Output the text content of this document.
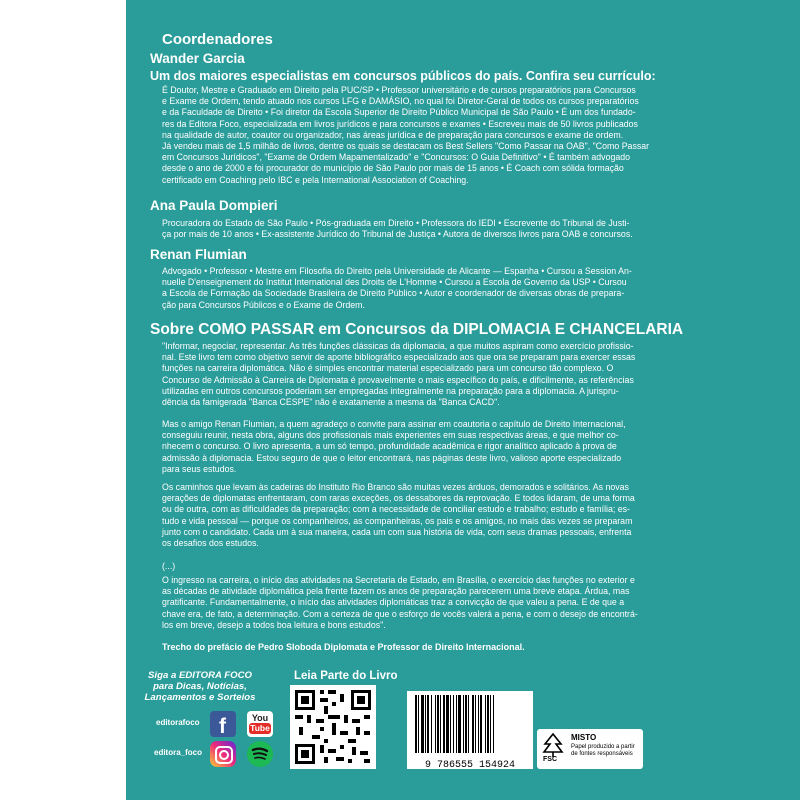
Coordenadores
Wander Garcia
Um dos maiores especialistas em concursos públicos do país. Confira seu currículo:

É Doutor, Mestre e Graduado em Direito pela PUC/SP • Professor universitário e de cursos preparatórios para Concursos

e Exame de Ordem, tendo atuado nos cursos LFG e DAMÁSIO, no qual foi Diretor-Geral de todos os cursos preparatórios

e da Faculdade de Direito • Foi diretor da Escola Superior de Direito Público Municipal de São Paulo • É um dos fundado-

res da Editora Foco, especializada em livros jurídicos e para concursos e exames • Escreveu mais de 50 livros publicados

na qualidade de autor, coautor ou organizador, nas áreas jurídica e de preparação para concursos e exame de ordem.

Já vendeu mais de 1,5 milhão de livros, dentre os quais se destacam os Best Sellers "Como Passar na OAB", "Como Passar

em Concursos Jurídicos", "Exame de Ordem Mapamentalizado" e "Concursos: O Guia Definitivo" • É também advogado

desde o ano de 2000 e foi procurador do município de São Paulo por mais de 15 anos • É Coach com sólida formação

certificado em Coaching pelo IBC e pela International Association of Coaching.

Ana Paula Dompieri

Procuradora do Estado de São Paulo • Pós-graduada em Direito • Professora do IEDI • Escrevente do Tribunal de Justi-

ça por mais de 10 anos • Ex-assistente Jurídico do Tribunal de Justiça • Autora de diversos livros para OAB e concursos.

Renan Flumian

Advogado • Professor • Mestre em Filosofia do Direito pela Universidade de Alicante — Espanha • Cursou a Session An-

nuelle D'enseignement do Institut International des Droits de L'Homme • Cursou a Escola de Governo da USP • Cursou

a Escola de Formação da Sociedade Brasileira de Direito Público • Autor e coordenador de diversas obras de prepara-

ção para Concursos Públicos e o Exame de Ordem.

Sobre COMO PASSAR em Concursos da DIPLOMACIA E CHANCELARIA

"Informar, negociar, representar. As três funções clássicas da diplomacia, a que muitos aspiram como exercício profissio-

nal. Este livro tem como objetivo servir de aporte bibliográfico especializado aos que ora se preparam para exercer essas

funções na carreira diplomática. Não é simples encontrar material especializado para um concurso tão complexo. O

Concurso de Admissão à Carreira de Diplomata é provavelmente o mais específico do país, e dificilmente, as referências

utilizadas em outros concursos poderiam ser empregadas integralmente na preparação para a diplomacia. A jurispru-

dência da famigerada "Banca CESPE" não é exatamente a mesma da "Banca CACD".

Mas o amigo Renan Flumian, a quem agradeço o convite para assinar em coautoria o capítulo de Direito Internacional,

conseguiu reunir, nesta obra, alguns dos profissionais mais experientes em suas respectivas áreas, e que melhor co-

nhecem o concurso. O livro apresenta, a um só tempo, profundidade acadêmica e rigor analítico aplicado à prova de

admissão à diplomacia. Estou seguro de que o leitor encontrará, nas páginas deste livro, valioso aporte especializado

para seus estudos.

Os caminhos que levam às cadeiras do Instituto Rio Branco são muitas vezes árduos, demorados e solitários. As novas

gerações de diplomatas enfrentaram, com raras exceções, os dessabores da reprovação. E todos lidaram, de uma forma

ou de outra, com as dificuldades da preparação; com a necessidade de conciliar estudo e trabalho; estudo e família; es-

tudo e vida pessoal — porque os companheiros, as companheiras, os pais e os amigos, no mais das vezes se preparam

junto com o candidato. Cada um à sua maneira, cada um com sua história de vida, com seus dramas pessoais, enfrenta

os desafios dos estudos.

(...)

O ingresso na carreira, o início das atividades na Secretaria de Estado, em Brasília, o exercício das funções no exterior e

as décadas de atividade diplomática pela frente fazem os anos de preparação parecerem uma breve etapa. Árdua, mas

gratificante. Fundamentalmente, o início das atividades diplomáticas traz a convicção de que valeu a pena. E de que a

chave era, de fato, a determinação. Com a certeza de que o esforço de vocês valerá a pena, e com o desejo de encontrá-

los em breve, desejo a todos boa leitura e bons estudos".

Trecho do prefácio de Pedro Sloboda Diplomata e Professor de Direito Internacional.
Siga a EDITORA FOCO
para Dicas, Notícias,
Lançamentos e Sorteios
editorafoco f	You
Tube
editora_foco
Leia Parte do Livro
9 786555 154924
FSC
MISTO
Papel produzido a partir
de fontes responsáveis
